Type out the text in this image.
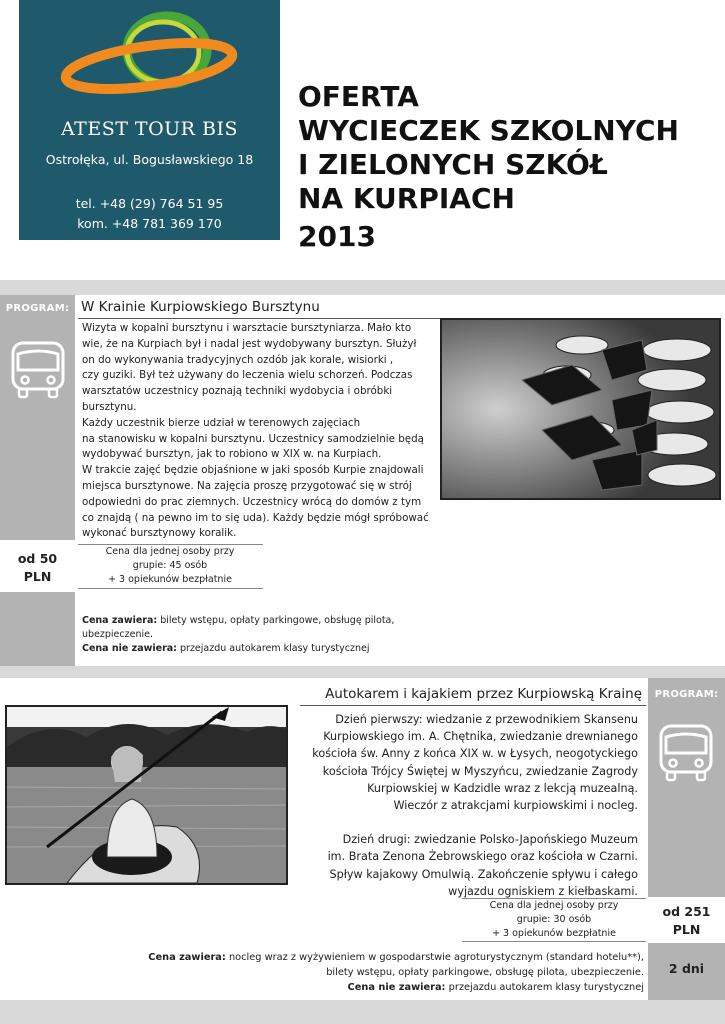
ATEST TOUR BIS
Ostrołęka, ul. Bogusławskiego 18
tel. +48 (29) 764 51 95
kom. +48 781 369 170
OFERTA
WYCIECZEK SZKOLNYCH
I ZIELONYCH SZKÓŁ
NA KURPIACH
2013
PROGRAM:
od 50
PLN
W Krainie Kurpiowskiego Bursztynu
Wizyta w kopalni bursztynu i warsztacie bursztyniarza. Mało kto
wie, że na Kurpiach był i nadal jest wydobywany bursztyn. Służył
on do wykonywania tradycyjnych ozdób jak korale, wisiorki ,
czy guziki. Był też używany do leczenia wielu schorzeń. Podczas
warsztatów uczestnicy poznają techniki wydobycia i obróbki
bursztynu.
Każdy uczestnik bierze udział w terenowych zajęciach
na stanowisku w kopalni bursztynu. Uczestnicy samodzielnie będą
wydobywać bursztyn, jak to robiono w XIX w. na Kurpiach.
W trakcie zajęć będzie objaśnione w jaki sposób Kurpie znajdowali
miejsca bursztynowe. Na zajęcia proszę przygotować się w strój
odpowiedni do prac ziemnych. Uczestnicy wrócą do domów z tym
co znajdą ( na pewno im to się uda). Każdy będzie mógł spróbować
wykonać bursztynowy koralik.
Cena dla jednej osoby przy
grupie: 45 osób
+ 3 opiekunów bezpłatnie
Cena zawiera: bilety wstępu, opłaty parkingowe, obsługę pilota,
ubezpieczenie.
Cena nie zawiera: przejazdu autokarem klasy turystycznej
PROGRAM:
od 251
PLN
2 dni
Autokarem i kajakiem przez Kurpiowską Krainę
Dzień pierwszy: wiedzanie z przewodnikiem Skansenu
Kurpiowskiego im. A. Chętnika, zwiedzanie drewnianego
kościoła św. Anny z końca XIX w. w Łysych, neogotyckiego
kościoła Trójcy Świętej w Myszyńcu, zwiedzanie Zagrody
Kurpiowskiej w Kadzidle wraz z lekcją muzealną.
Wieczór z atrakcjami kurpiowskimi i nocleg.
Dzień drugi: zwiedzanie Polsko-Japońskiego Muzeum
im. Brata Zenona Żebrowskiego oraz kościoła w Czarni.
Spływ kajakowy Omulwią. Zakończenie spływu i całego
wyjazdu ogniskiem z kiełbaskami.
Cena dla jednej osoby przy
grupie: 30 osób
+ 3 opiekunów bezpłatnie
Cena zawiera: nocleg wraz z wyżywieniem w gospodarstwie agroturystycznym (standard hotelu**),
bilety wstępu, opłaty parkingowe, obsługę pilota, ubezpieczenie.
Cena nie zawiera: przejazdu autokarem klasy turystycznej
